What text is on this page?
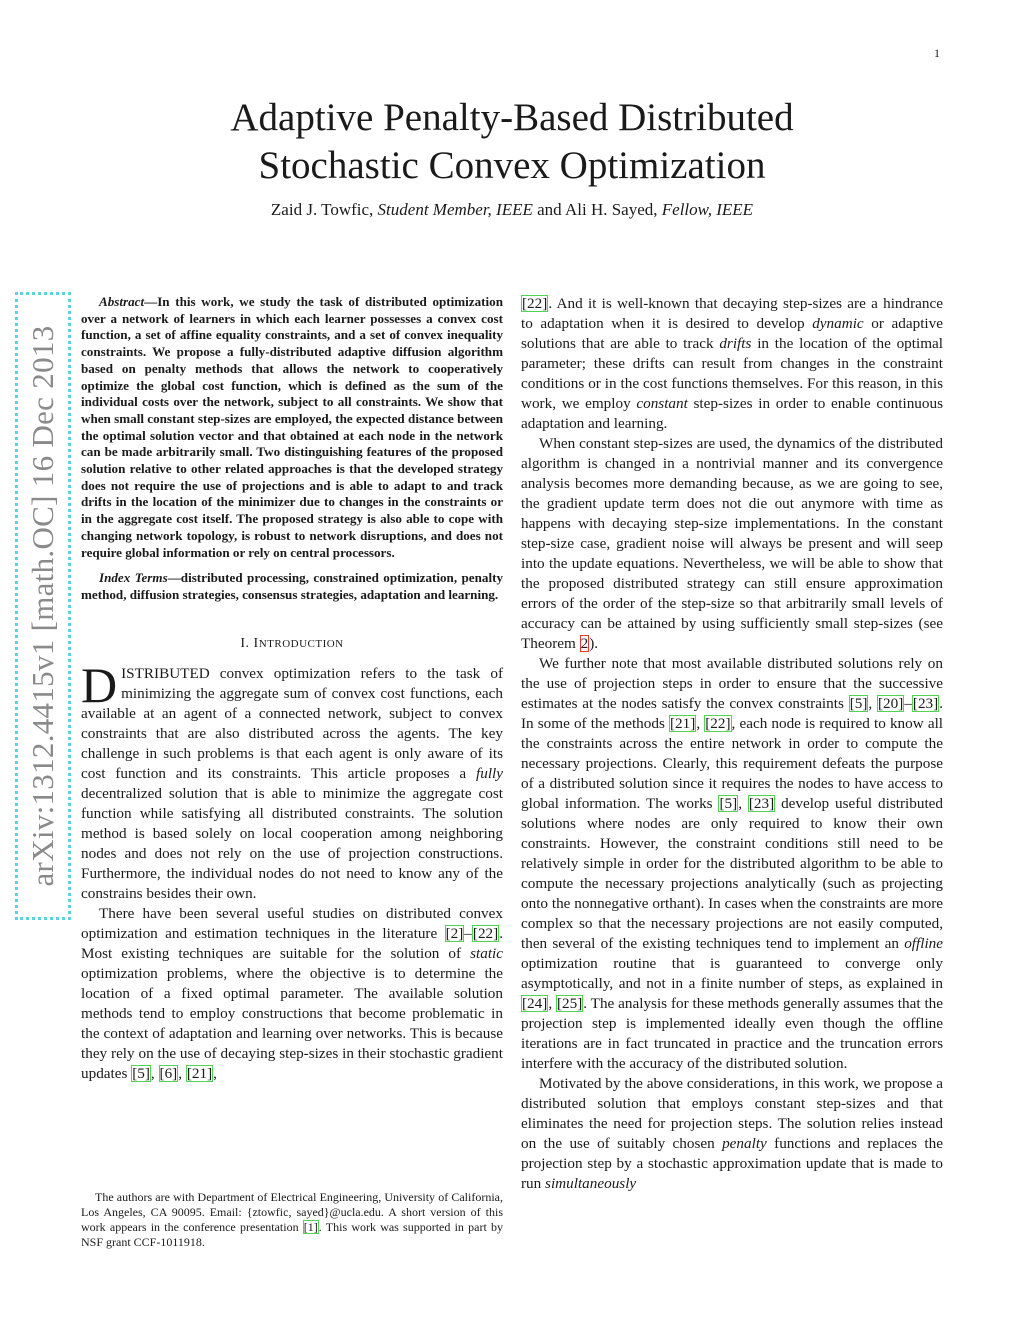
1
arXiv:1312.4415v1 [math.OC] 16 Dec 2013
Adaptive Penalty-Based Distributed
Stochastic Convex Optimization
Zaid J. Towfic, Student Member, IEEE and Ali H. Sayed, Fellow, IEEE

Abstract—In this work, we study the task of distributed optimization over a network of learners in which each learner possesses a convex cost function, a set of affine equality constraints, and a set of convex inequality constraints. We propose a fully-distributed adaptive diffusion algorithm based on penalty methods that allows the network to cooperatively optimize the global cost function, which is defined as the sum of the individual costs over the network, subject to all constraints. We show that when small constant step-sizes are employed, the expected distance between the optimal solution vector and that obtained at each node in the network can be made arbitrarily small. Two distinguishing features of the proposed solution relative to other related approaches is that the developed strategy does not require the use of projections and is able to adapt to and track drifts in the location of the minimizer due to changes in the constraints or in the aggregate cost itself. The proposed strategy is also able to cope with changing network topology, is robust to network disruptions, and does not require global information or rely on central processors.

Index Terms—distributed processing, constrained optimization, penalty method, diffusion strategies, consensus strategies, adaptation and learning.

I. INTRODUCTION

DISTRIBUTED convex optimization refers to the task of minimizing the aggregate sum of convex cost functions, each available at an agent of a connected network, subject to convex constraints that are also distributed across the agents. The key challenge in such problems is that each agent is only aware of its cost function and its constraints. This article proposes a fully decentralized solution that is able to minimize the aggregate cost function while satisfying all distributed constraints. The solution method is based solely on local cooperation among neighboring nodes and does not rely on the use of projection constructions. Furthermore, the individual nodes do not need to know any of the constrains besides their own.

There have been several useful studies on distributed convex optimization and estimation techniques in the literature [2]–[22]. Most existing techniques are suitable for the solution of static optimization problems, where the objective is to determine the location of a fixed optimal parameter. The available solution methods tend to employ constructions that become problematic in the context of adaptation and learning over networks. This is because they rely on the use of decaying step-sizes in their stochastic gradient updates [5], [6], [21],

The authors are with Department of Electrical Engineering, University of California, Los Angeles, CA 90095. Email: {ztowfic, sayed}@ucla.edu. A short version of this work appears in the conference presentation [1]. This work was supported in part by NSF grant CCF-1011918.

[22]. And it is well-known that decaying step-sizes are a hindrance to adaptation when it is desired to develop dynamic or adaptive solutions that are able to track drifts in the location of the optimal parameter; these drifts can result from changes in the constraint conditions or in the cost functions themselves. For this reason, in this work, we employ constant step-sizes in order to enable continuous adaptation and learning.

When constant step-sizes are used, the dynamics of the distributed algorithm is changed in a nontrivial manner and its convergence analysis becomes more demanding because, as we are going to see, the gradient update term does not die out anymore with time as happens with decaying step-size implementations. In the constant step-size case, gradient noise will always be present and will seep into the update equations. Nevertheless, we will be able to show that the proposed distributed strategy can still ensure approximation errors of the order of the step-size so that arbitrarily small levels of accuracy can be attained by using sufficiently small step-sizes (see Theorem 2).

We further note that most available distributed solutions rely on the use of projection steps in order to ensure that the successive estimates at the nodes satisfy the convex constraints [5], [20]–[23]. In some of the methods [21], [22], each node is required to know all the constraints across the entire network in order to compute the necessary projections. Clearly, this requirement defeats the purpose of a distributed solution since it requires the nodes to have access to global information. The works [5], [23] develop useful distributed solutions where nodes are only required to know their own constraints. However, the constraint conditions still need to be relatively simple in order for the distributed algorithm to be able to compute the necessary projections analytically (such as projecting onto the nonnegative orthant). In cases when the constraints are more complex so that the necessary projections are not easily computed, then several of the existing techniques tend to implement an offline optimization routine that is guaranteed to converge only asymptotically, and not in a finite number of steps, as explained in [24], [25]. The analysis for these methods generally assumes that the projection step is implemented ideally even though the offline iterations are in fact truncated in practice and the truncation errors interfere with the accuracy of the distributed solution.

Motivated by the above considerations, in this work, we propose a distributed solution that employs constant step-sizes and that eliminates the need for projection steps. The solution relies instead on the use of suitably chosen penalty functions and replaces the projection step by a stochastic approximation update that is made to run simultaneously
